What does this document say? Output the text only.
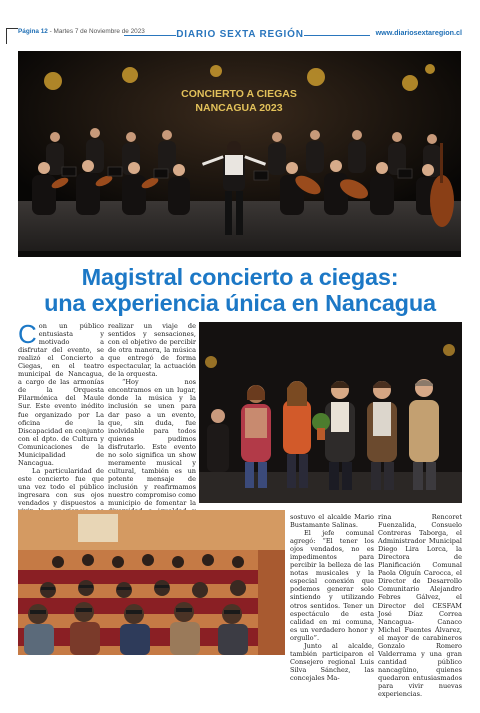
Página 12 - Martes 7 de Noviembre de 2023	DIARIO SEXTA REGIÓN	www.diariosextaregion.cl
CONCIERTO A CIEGAS
NANCAGUA 2023
Magistral concierto a ciegas:
una experiencia única en Nancagua

Con un público entusiasta y motivado a disfrutar del evento, se realizó el Concierto a Ciegas, en el teatro municipal de Nancagua, a cargo de las armonías de la Orquesta Filarmónica del Maule Sur. Este evento inédito fue organizado por La oficina de la Discapacidad en conjunto con el dpto. de Cultura y Comunicaciones de la Municipalidad de Nancagua.

La particularidad de este concierto fue que una vez todo el público ingresara con sus ojos vendados y dispuestos a

realizar un viaje de sentidos y sensaciones, con el objetivo de percibir de otra manera, la música que entregó de forma espectacular, la actuación de la orquesta.

“Hoy nos encontramos en un lugar, donde la música y la inclusión se unen para dar paso a un evento, que, sin duda, fue inolvidable para todos quienes pudimos disfrutarlo. Este evento no solo significa un show meramente musical y cultural, también es un potente mensaje de inclusión y reafirmamos nuestro compromiso como municipio de fomentar la

sostuvo el alcalde Mario Bustamante Salinas.

El jefe comunal agregó: “El tener los ojos vendados, no es impedimentos para percibir la belleza de las notas musicales y la especial conexión que podemos generar solo sintiendo y utilizando otros sentidos. Tener un espectáculo de esta calidad en mi comuna, es un verdadero honor y orgullo”.

Junto al alcalde, también participaron el Consejero regional Luis Silva Sánchez, las concejales Ma-

rina Rencoret Fuenzalida, Consuelo Contreras Taborga, el Administrador Municipal Diego Lira Lorca, la Directora de Planificación Comunal Paola Olguín Carocca, el Director de Desarrollo Comunitario Alejandro Febres Gálvez, el Director del CESFAM José Díaz Correa Nancagua- Canaco Michel Fuentes Álvarez, el mayor de carabineros Gonzalo Romero Valderrama y una gran cantidad público nancagüino, quienes quedaron entusiasmados para vivir nuevas experiencias.
